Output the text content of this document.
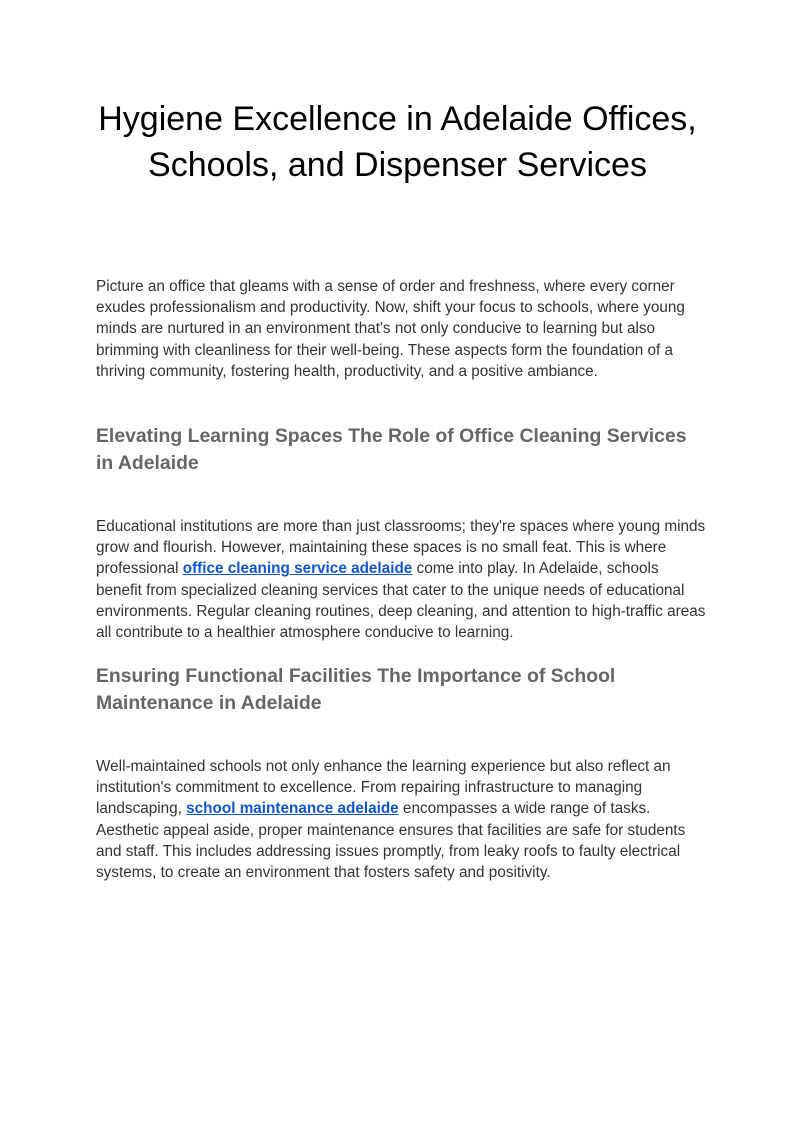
Hygiene Excellence in Adelaide Offices, Schools, and Dispenser Services

Picture an office that gleams with a sense of order and freshness, where every corner exudes professionalism and productivity. Now, shift your focus to schools, where young minds are nurtured in an environment that's not only conducive to learning but also brimming with cleanliness for their well-being. These aspects form the foundation of a thriving community, fostering health, productivity, and a positive ambiance.

Elevating Learning Spaces The Role of Office Cleaning Services in Adelaide

Educational institutions are more than just classrooms; they're spaces where young minds grow and flourish. However, maintaining these spaces is no small feat. This is where professional office cleaning service adelaide come into play. In Adelaide, schools benefit from specialized cleaning services that cater to the unique needs of educational environments. Regular cleaning routines, deep cleaning, and attention to high-traffic areas all contribute to a healthier atmosphere conducive to learning.

Ensuring Functional Facilities The Importance of School Maintenance in Adelaide

Well-maintained schools not only enhance the learning experience but also reflect an institution's commitment to excellence. From repairing infrastructure to managing landscaping, school maintenance adelaide encompasses a wide range of tasks. Aesthetic appeal aside, proper maintenance ensures that facilities are safe for students and staff. This includes addressing issues promptly, from leaky roofs to faulty electrical systems, to create an environment that fosters safety and positivity.
